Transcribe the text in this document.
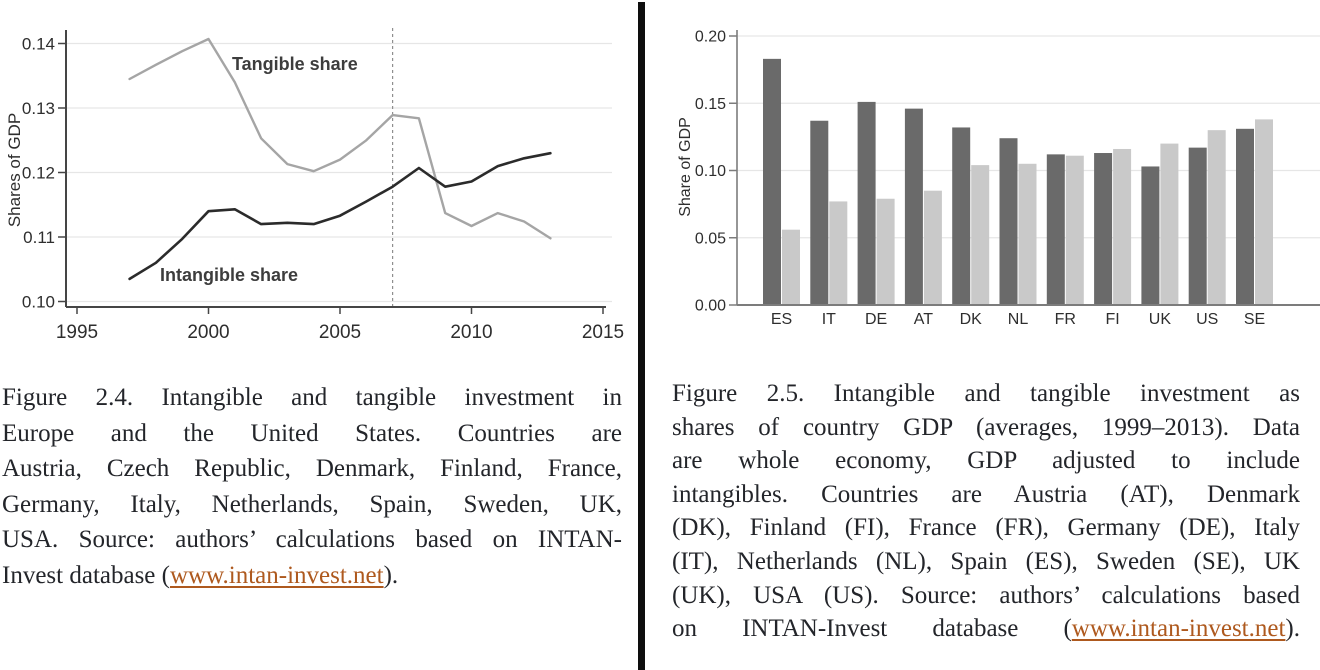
0.10
0.11
0.12
0.13
0.14
1995	2000	2005	2010	2015
Shares of GDP
Tangible share
Intangible share
ES IT DE AT DK NL FR FI UK US SE
0.00
0.05
0.10
0.15
0.20
Share of GDP
Figure 2.4. Intangible and tangible investment in
Europe and the United States. Countries are
Austria, Czech Republic, Denmark, Finland, France,
Germany, Italy, Netherlands, Spain, Sweden, UK,
USA. Source: authors’ calculations based on INTAN-
Invest database (www.intan-invest.net).
Figure 2.5. Intangible and tangible investment as
shares of country GDP (averages, 1999–2013). Data
are whole economy, GDP adjusted to include
intangibles. Countries are Austria (AT), Denmark
(DK), Finland (FI), France (FR), Germany (DE), Italy
(IT), Netherlands (NL), Spain (ES), Sweden (SE), UK
(UK), USA (US). Source: authors’ calculations based
on INTAN-Invest database (www.intan-invest.net).
